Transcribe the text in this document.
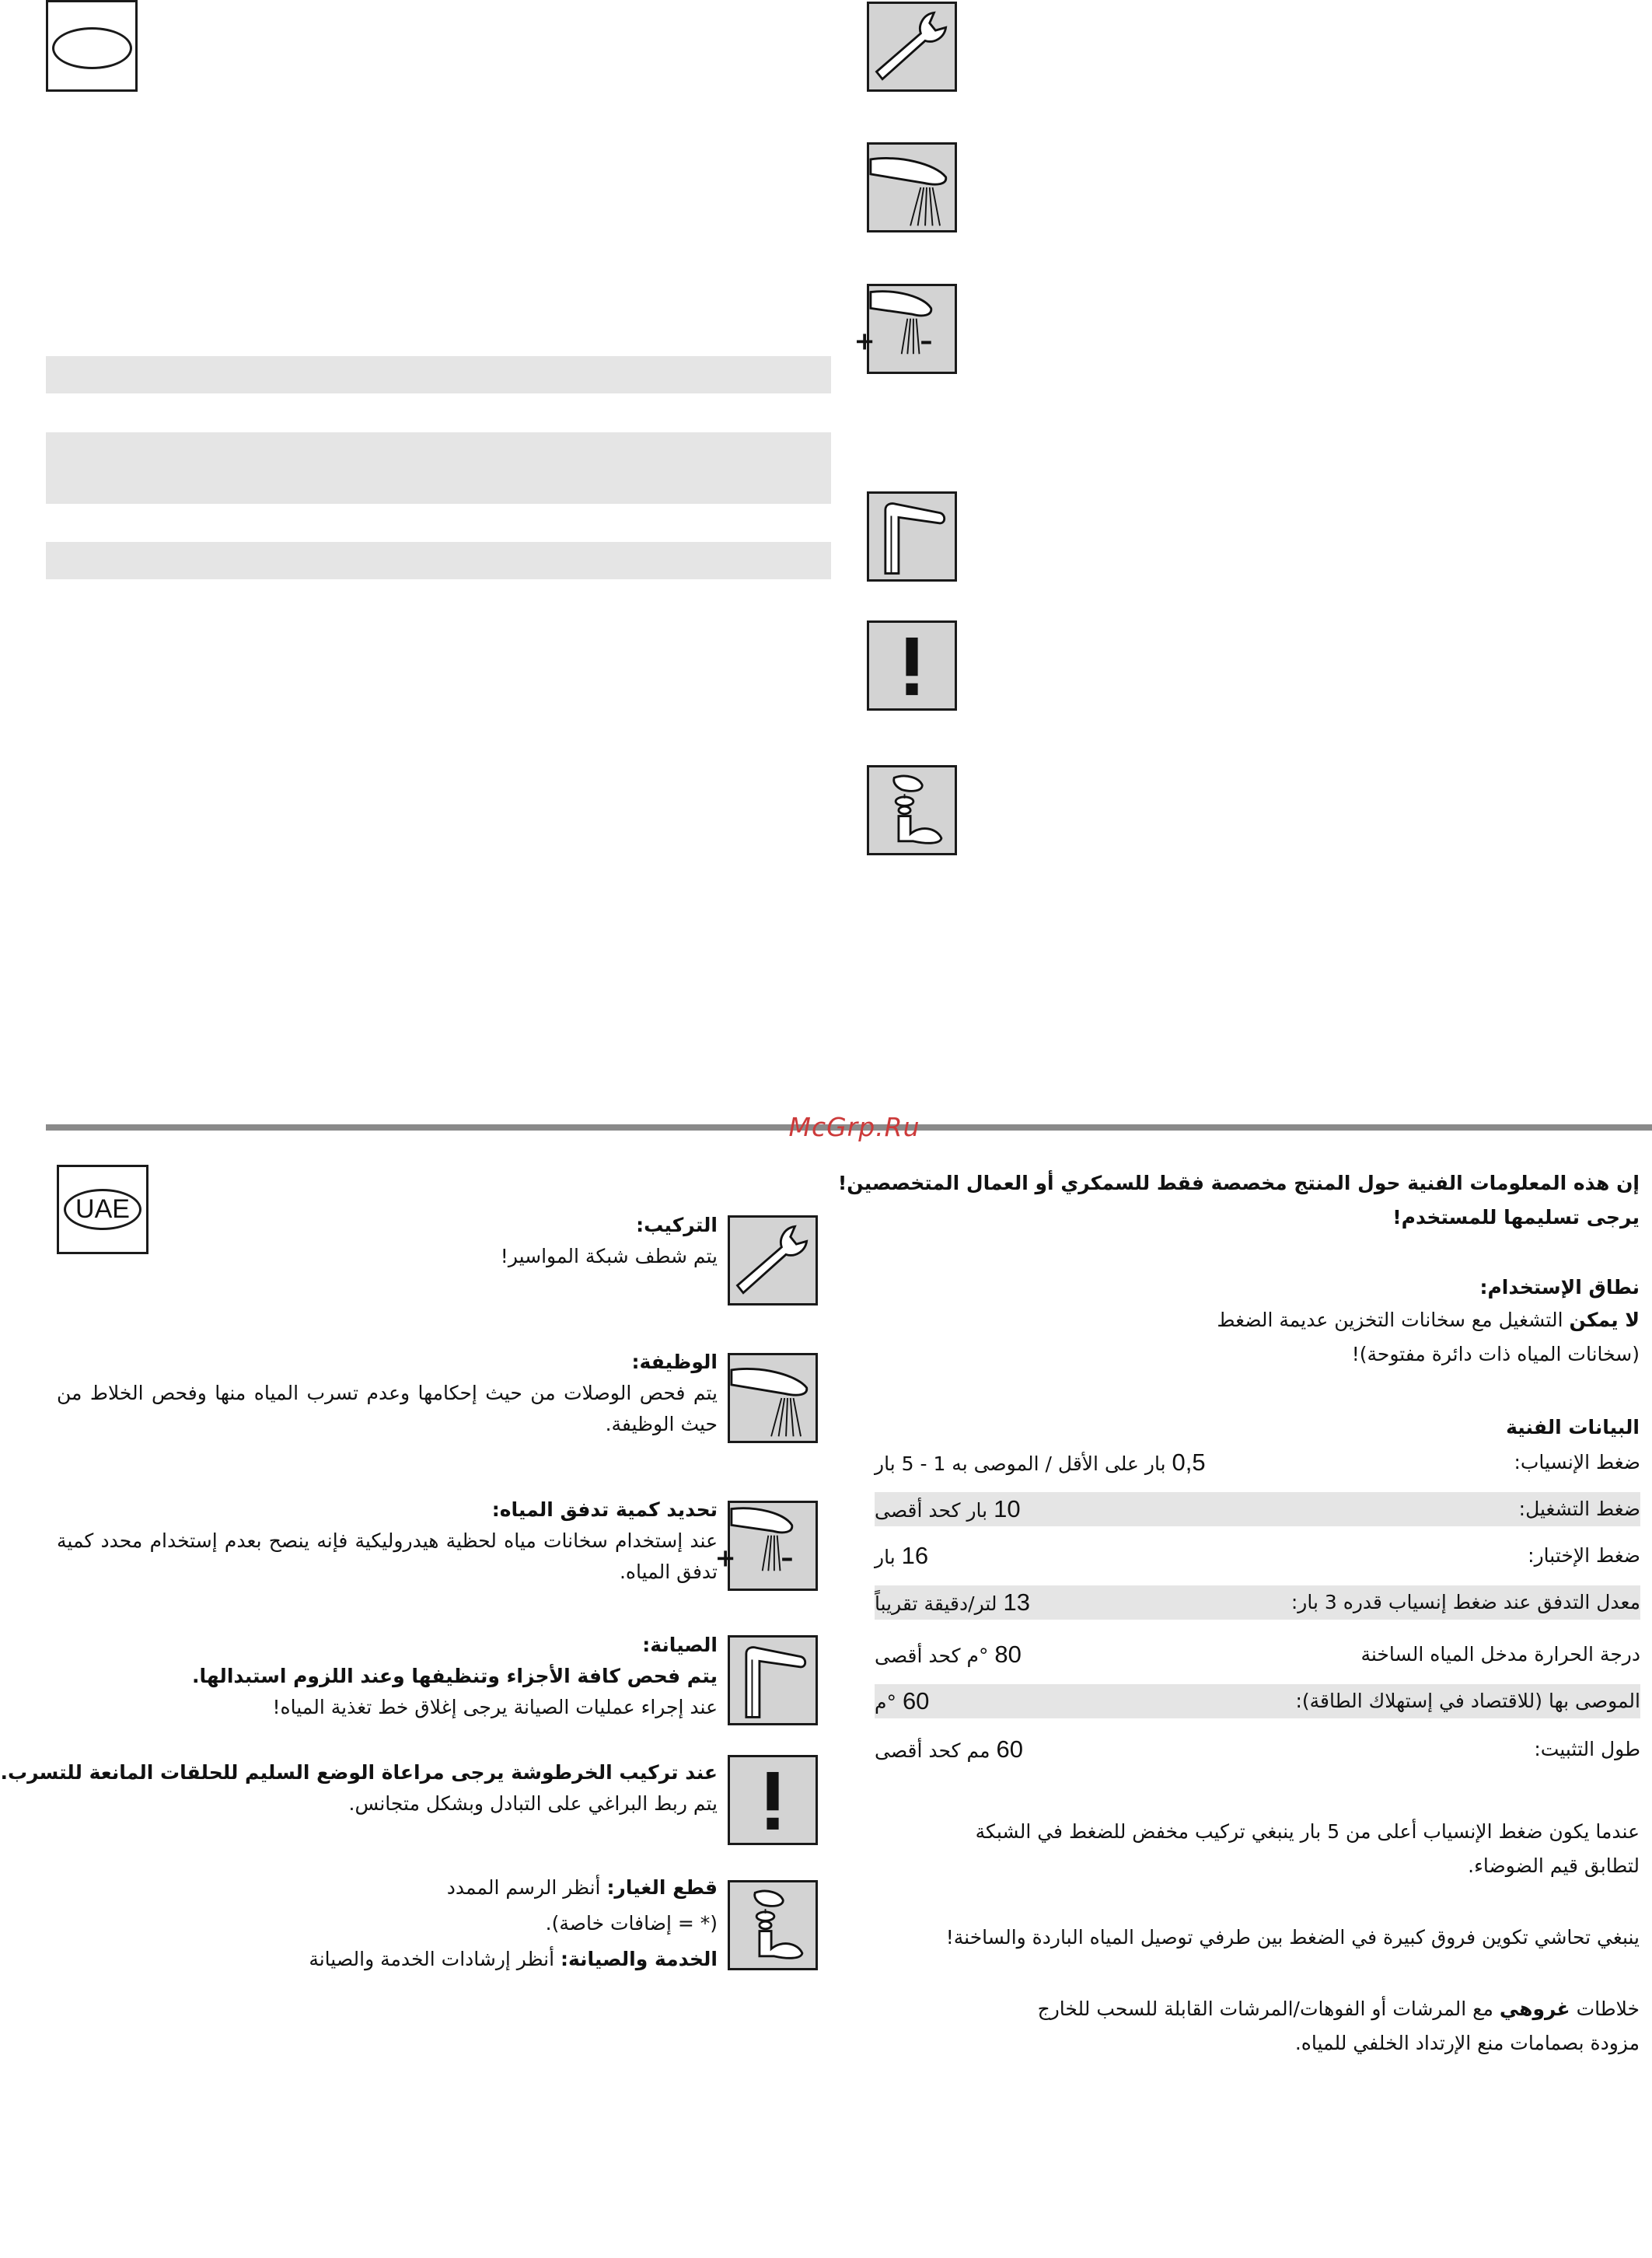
+ –
McGrp.Ru
UAE
التركيب:
يتم شطف شبكة المواسير!
الوظيفة:
يتم فحص الوصلات من حيث إحكامها وعدم تسرب المياه منها وفحص الخلاط من حيث الوظيفة.
+ –
تحديد كمية تدفق المياه:
عند إستخدام سخانات مياه لحظية هيدروليكية فإنه ينصح بعدم إستخدام محدد كمية تدفق المياه.
الصيانة:
يتم فحص كافة الأجزاء وتنظيفها وعند اللزوم استبدالها.
عند إجراء عمليات الصيانة يرجى إغلاق خط تغذية المياه!
عند تركيب الخرطوشة يرجى مراعاة الوضع السليم للحلقات المانعة للتسرب.
يتم ربط البراغي على التبادل وبشكل متجانس.
قطع الغيار: أنظر الرسم الممدد
(* = إضافات خاصة).
الخدمة والصيانة: أنظر إرشادات الخدمة والصيانة
إن هذه المعلومات الفنية حول المنتج مخصصة فقط للسمكري أو العمال المتخصصين!
يرجى تسليمها للمستخدم!
نطاق الإستخدام:
لا يمكن التشغيل مع سخانات التخزين عديمة الضغط
(سخانات المياه ذات دائرة مفتوحة)!
البيانات الفنية
ضغط الإنسياب:
0,5 بار على الأقل / الموصى به 1 - 5 بار
ضغط التشغيل:
10 بار كحد أقصى
ضغط الإختبار:
16 بار
معدل التدفق عند ضغط إنسياب قدره 3 بار:
13 لتر/دقيقة تقريباً
درجة الحرارة مدخل المياه الساخنة
80 °م كحد أقصى
الموصى بها (للاقتصاد في إستهلاك الطاقة):
60 °م
طول التثبيت:
60 مم كحد أقصى
عندما يكون ضغط الإنسياب أعلى من 5 بار ينبغي تركيب مخفض للضغط في الشبكة
لتطابق قيم الضوضاء.
ينبغي تحاشي تكوين فروق كبيرة في الضغط بين طرفي توصيل المياه الباردة والساخنة!
خلاطات غروهي مع المرشات أو الفوهات/المرشات القابلة للسحب للخارج
مزودة بصمامات منع الإرتداد الخلفي للمياه.
